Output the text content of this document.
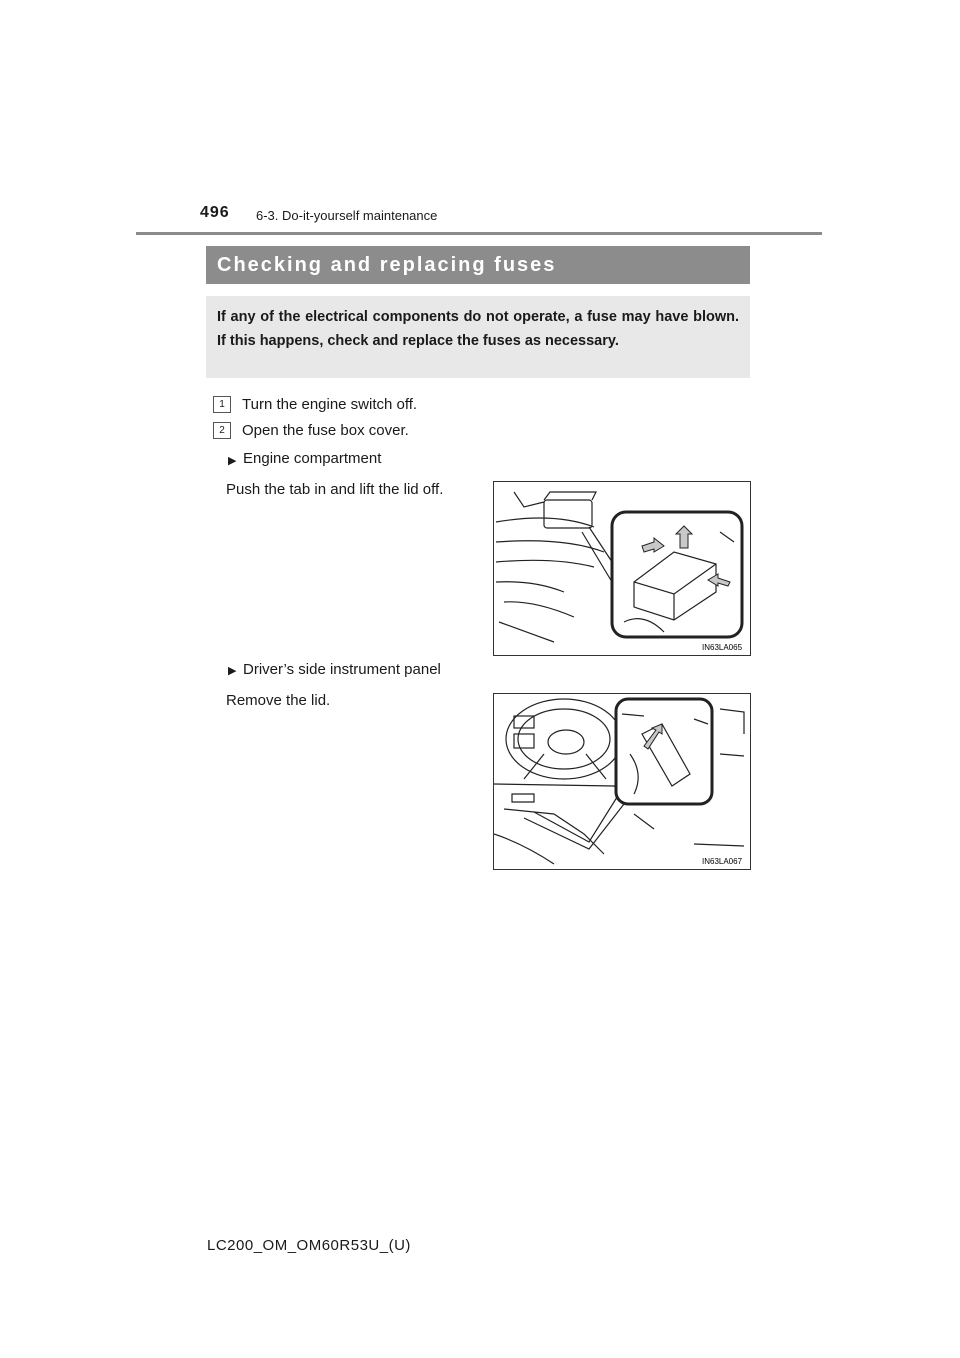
496 6-3. Do-it-yourself maintenance
Checking and replacing fuses
If any of the electrical components do not operate, a fuse may have blown. If this happens, check and replace the fuses as necessary.
1	Turn the engine switch off.
2	Open the fuse box cover.
▶ Engine compartment
Push the tab in and lift the lid off.
IN63LA065
▶ Driver’s side instrument panel
Remove the lid.
IN63LA067
LC200_OM_OM60R53U_(U)
